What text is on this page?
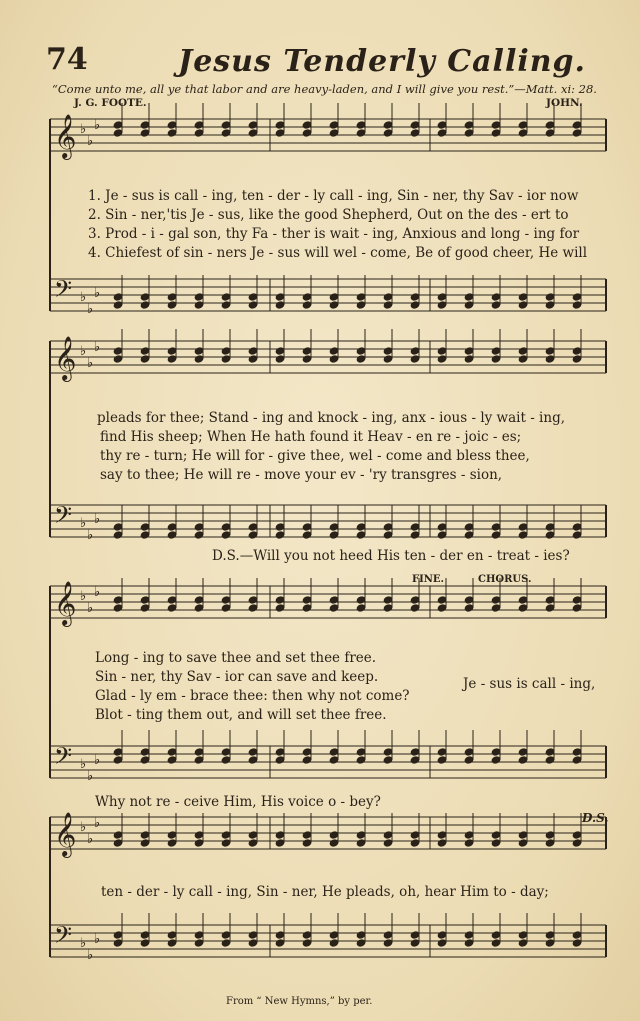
𝄞 ♭
♭
♭
𝄢 ♭
♭
♭
𝄞 ♭
♭
♭
𝄢 ♭
♭
♭
𝄞 ♭
♭
♭
𝄢 ♭
♭
♭
𝄞 ♭
♭
♭
𝄢 ♭
♭
♭
74	Jesus Tenderly Calling.
“Come unto me, all ye that labor and are heavy-laden, and I will give you rest.”—Matt. xi: 28.
J. G. FOOTE.	JOHN.
1. Je - sus is call - ing, ten - der - ly call - ing, Sin - ner, thy Sav - ior now
2. Sin - ner,'tis Je - sus, like the good Shepherd, Out on the des - ert to
3. Prod - i - gal son, thy Fa - ther is wait - ing, Anxious and long - ing for
4. Chiefest of sin - ners Je - sus will wel - come, Be of good cheer, He will
pleads for thee; Stand - ing and knock - ing, anx - ious - ly wait - ing,
find His sheep; When He hath found it Heav - en re - joic - es;
thy re - turn; He will for - give thee, wel - come and bless thee,
say to thee; He will re - move your ev - 'ry transgres - sion,
D.S.—Will you not heed His ten - der en - treat - ies?
FINE.	CHORUS.
Long - ing to save thee and set thee free.
Sin - ner, thy Sav - ior can save and keep.
Glad - ly em - brace thee: then why not come?
Blot - ting them out, and will set thee free.
Je - sus is call - ing,
Why not re - ceive Him, His voice o - bey?
D.S.
ten - der - ly call - ing, Sin - ner, He pleads, oh, hear Him to - day;
From “ New Hymns,” by per.
